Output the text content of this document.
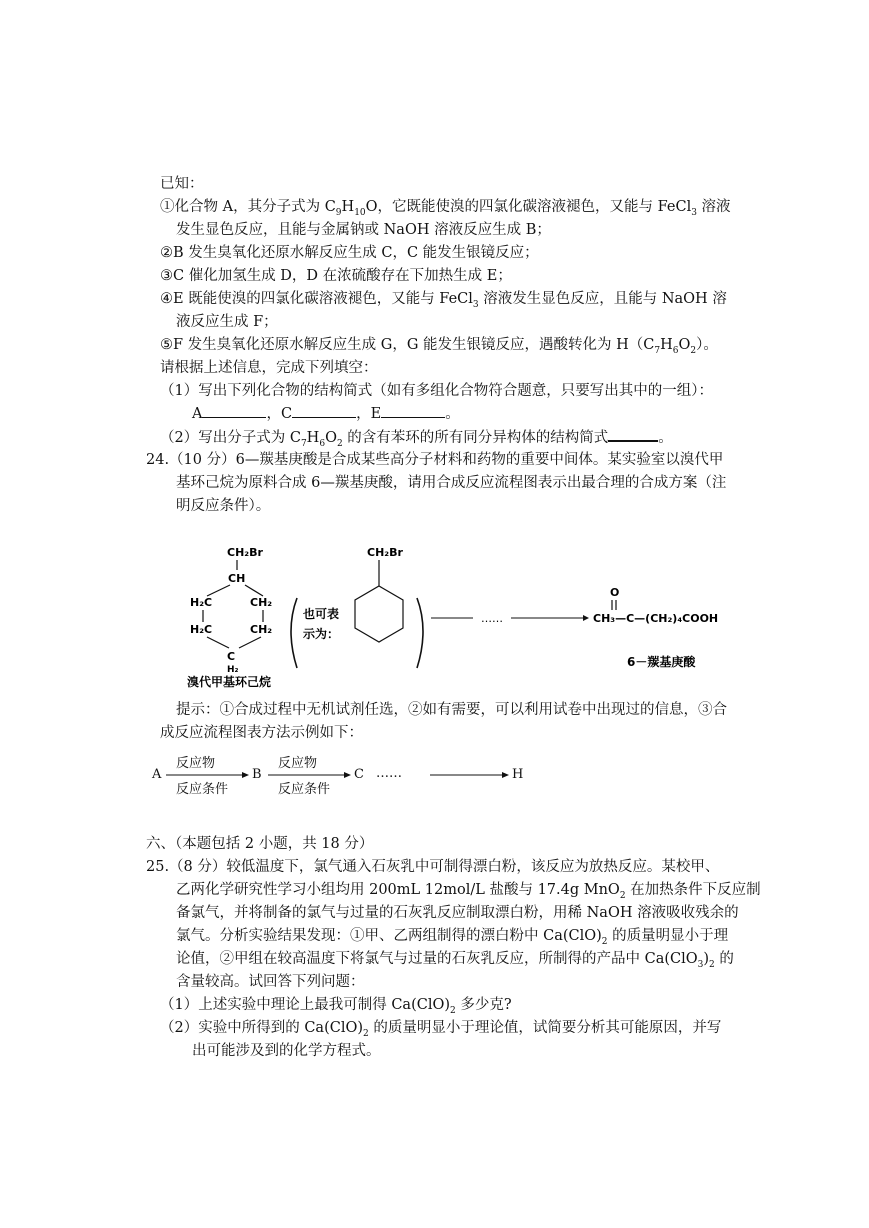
已知：
①化合物 A，其分子式为 $C_9H_{10}O$，它既能使溴的四氯化碳溶液褪色，又能与 FeCl$_3$ 溶液
发生显色反应，且能与金属钠或 NaOH 溶液反应生成 B；
②B 发生臭氧化还原水解反应生成 C，C 能发生银镜反应；
③C 催化加氢生成 D，D 在浓硫酸存在下加热生成 E；
④E 既能使溴的四氯化碳溶液褪色，又能与 FeCl$_3$ 溶液发生显色反应，且能与 NaOH 溶
液反应生成 F；
⑤F 发生臭氧化还原水解反应生成 G，G 能发生银镜反应，遇酸转化为 $H(C_7H_6O_2)$。
请根据上述信息，完成下列填空：
（1）写出下列化合物的结构简式（如有多组化合物符合题意，只要写出其中的一组）：
A	，C	，E	。
（2）写出分子式为 $C_7H_6O_2$ 的含有苯环的所有同分异构体的结构简式	。
24.（10 分）6—羰基庚酸是合成某些高分子材料和药物的重要中间体。某实验室以溴代甲
基环己烷为原料合成 6—羰基庚酸，请用合成反应流程图表示出最合理的合成方案（注
明反应条件）。
CH₂Br
CH
H₂C	CH₂
H₂C	CH₂
C
H₂
溴代甲基环己烷
也可表
示为：
CH₂Br
……
O
CH₃—C—(CH₂)₄COOH
6－羰基庚酸
提示：①合成过程中无机试剂任选，②如有需要，可以利用试卷中出现过的信息，③合
成反应流程图表方法示例如下：
A
反应物
反应条件
B
反应物
反应条件
C ……	H
六、（本题包括 2 小题，共 18 分）
25.（8 分）较低温度下，氯气通入石灰乳中可制得漂白粉，该反应为放热反应。某校甲、
乙两化学研究性学习小组均用 200mL 12mol/L 盐酸与 17.4g MnO$_2$ 在加热条件下反应制
备氯气，并将制备的氯气与过量的石灰乳反应制取漂白粉，用稀 NaOH 溶液吸收残余的
氯气。分析实验结果发现：①甲、乙两组制得的漂白粉中 $Ca(ClO)_2$ 的质量明显小于理
论值，②甲组在较高温度下将氯气与过量的石灰乳反应，所制得的产品中 $Ca(ClO_3)_2$ 的
含量较高。试回答下列问题：
（1）上述实验中理论上最我可制得 $Ca(ClO)_2$ 多少克?
（2）实验中所得到的 $Ca(ClO)_2$ 的质量明显小于理论值，试简要分析其可能原因，并写
出可能涉及到的化学方程式。
